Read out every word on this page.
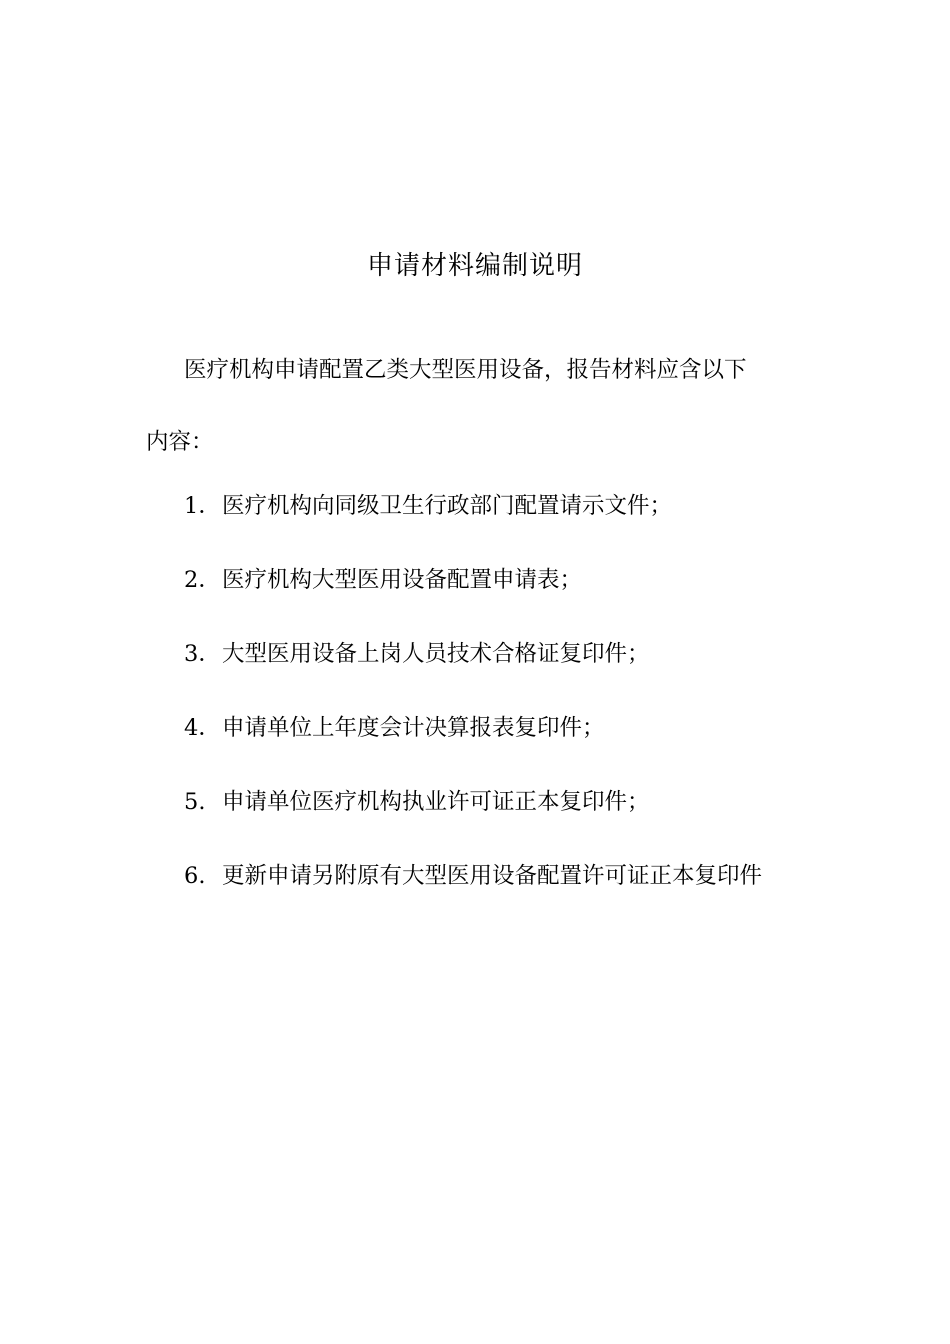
申请材料编制说明
医疗机构申请配置乙类大型医用设备，报告材料应含以下
内容：
1．医疗机构向同级卫生行政部门配置请示文件；
2．医疗机构大型医用设备配置申请表；
3．大型医用设备上岗人员技术合格证复印件；
4．申请单位上年度会计决算报表复印件；
5. 申请单位医疗机构执业许可证正本复印件；
6. 更新申请另附原有大型医用设备配置许可证正本复印件
